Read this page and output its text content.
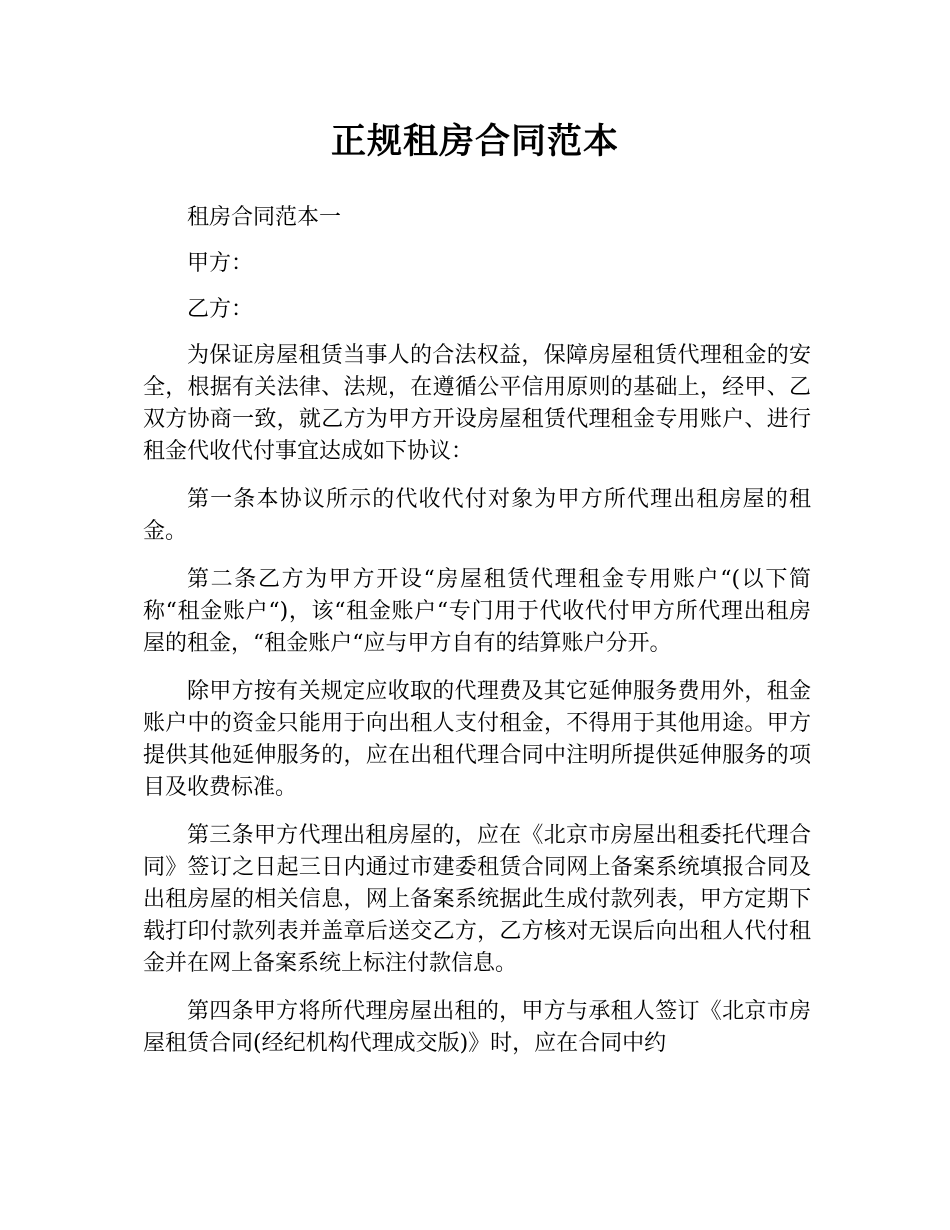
正规租房合同范本

租房合同范本一

甲方：

乙方：

为保证房屋租赁当事人的合法权益，保障房屋租赁代理租金的安全，根据有关法律、法规，在遵循公平信用原则的基础上，经甲、乙双方协商一致，就乙方为甲方开设房屋租赁代理租金专用账户、进行租金代收代付事宜达成如下协议：

第一条本协议所示的代收代付对象为甲方所代理出租房屋的租金。

第二条乙方为甲方开设“房屋租赁代理租金专用账户“(以下简称“租金账户“)，该“租金账户“专门用于代收代付甲方所代理出租房屋的租金，“租金账户“应与甲方自有的结算账户分开。

除甲方按有关规定应收取的代理费及其它延伸服务费用外，租金账户中的资金只能用于向出租人支付租金，不得用于其他用途。甲方提供其他延伸服务的，应在出租代理合同中注明所提供延伸服务的项目及收费标准。

第三条甲方代理出租房屋的，应在《北京市房屋出租委托代理合同》签订之日起三日内通过市建委租赁合同网上备案系统填报合同及出租房屋的相关信息，网上备案系统据此生成付款列表，甲方定期下载打印付款列表并盖章后送交乙方，乙方核对无误后向出租人代付租金并在网上备案系统上标注付款信息。

第四条甲方将所代理房屋出租的，甲方与承租人签订《北京市房屋租赁合同(经纪机构代理成交版)》时，应在合同中约
